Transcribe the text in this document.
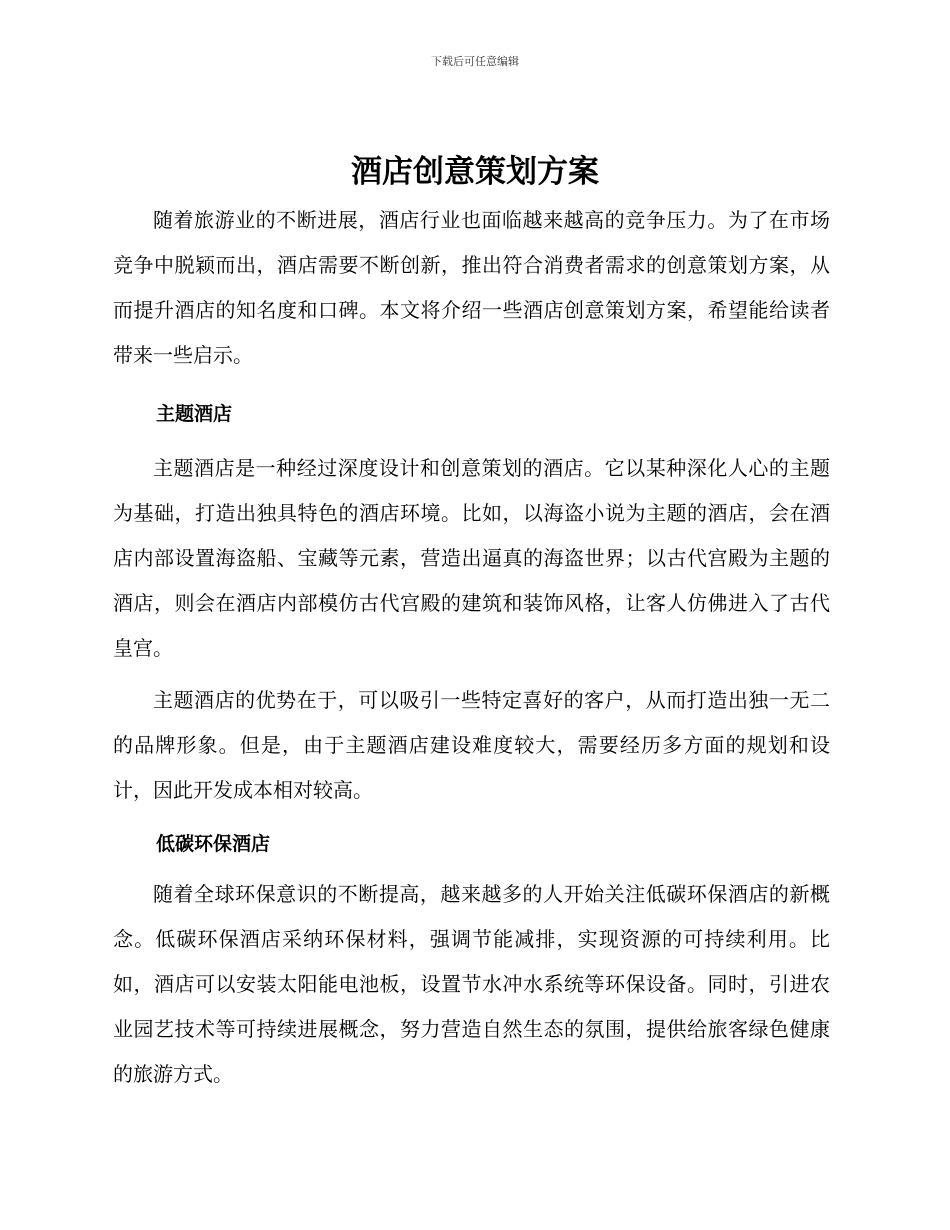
下载后可任意编辑
酒店创意策划方案

随着旅游业的不断进展，酒店行业也面临越来越高的竞争压力。为了在市场竞争中脱颖而出，酒店需要不断创新，推出符合消费者需求的创意策划方案，从而提升酒店的知名度和口碑。本文将介绍一些酒店创意策划方案，希望能给读者带来一些启示。

主题酒店

主题酒店是一种经过深度设计和创意策划的酒店。它以某种深化人心的主题为基础，打造出独具特色的酒店环境。比如，以海盗小说为主题的酒店，会在酒店内部设置海盗船、宝藏等元素，营造出逼真的海盗世界；以古代宫殿为主题的酒店，则会在酒店内部模仿古代宫殿的建筑和装饰风格，让客人仿佛进入了古代皇宫。

主题酒店的优势在于，可以吸引一些特定喜好的客户，从而打造出独一无二的品牌形象。但是，由于主题酒店建设难度较大，需要经历多方面的规划和设计，因此开发成本相对较高。

低碳环保酒店

随着全球环保意识的不断提高，越来越多的人开始关注低碳环保酒店的新概念。低碳环保酒店采纳环保材料，强调节能减排，实现资源的可持续利用。比如，酒店可以安装太阳能电池板，设置节水冲水系统等环保设备。同时，引进农业园艺技术等可持续进展概念，努力营造自然生态的氛围，提供给旅客绿色健康的旅游方式。
